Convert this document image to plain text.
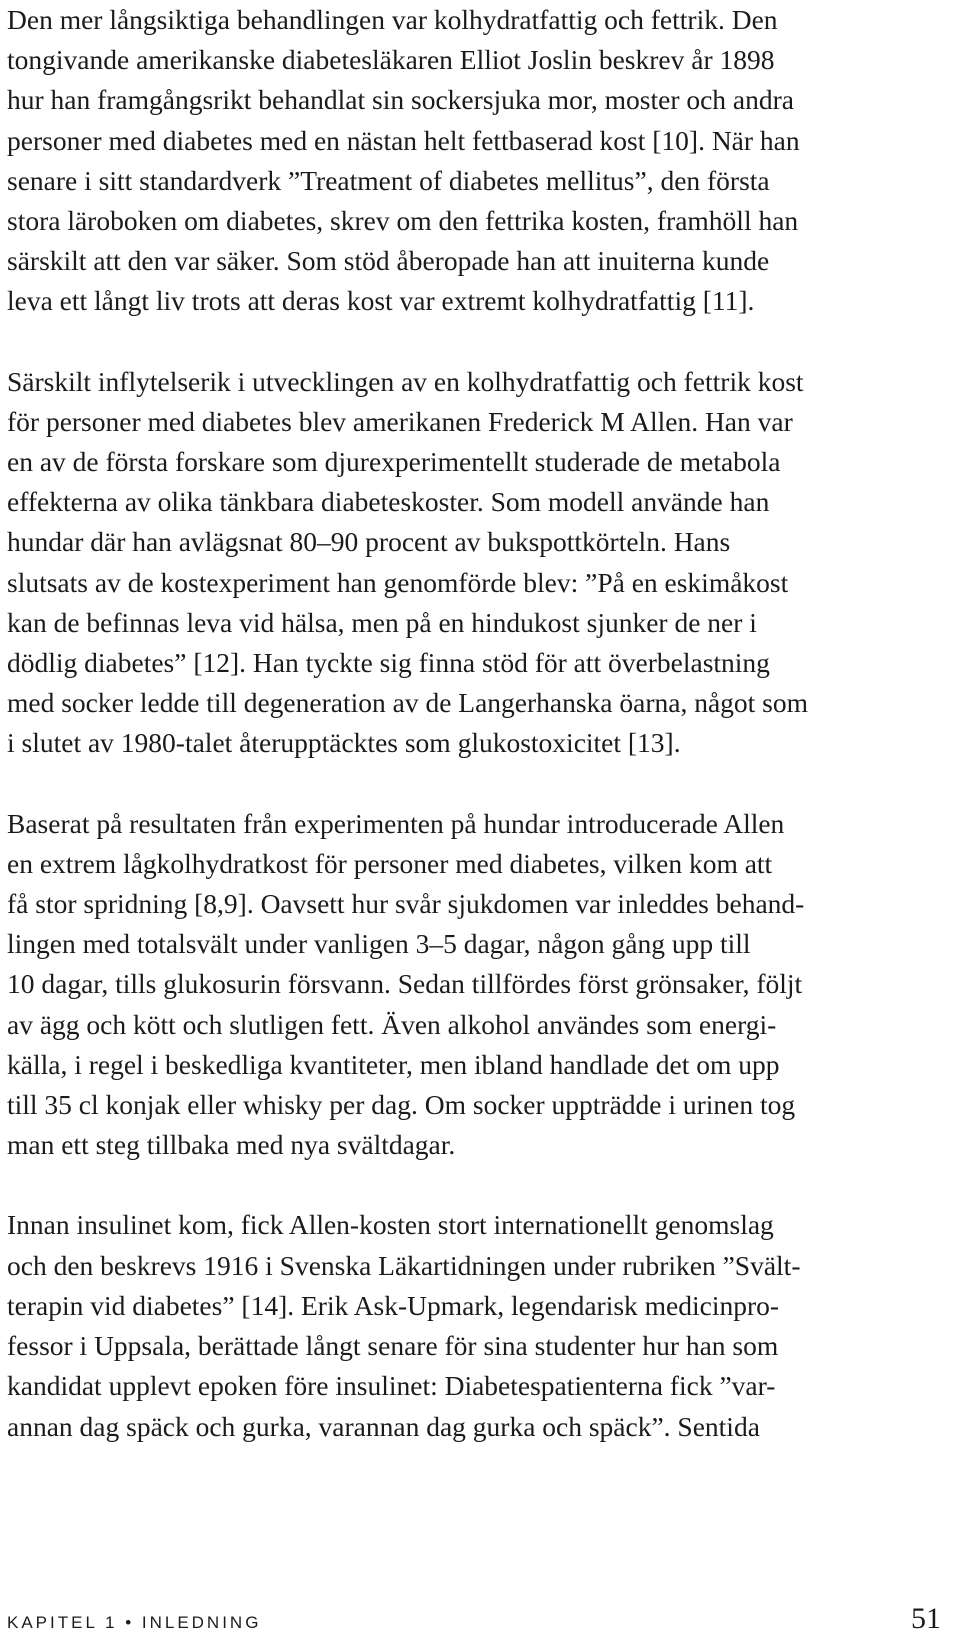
Den mer långsiktiga behandlingen var kolhydratfattig och fettrik. Den
tongivande amerikanske diabetesläkaren Elliot Joslin beskrev år 1898
hur han framgångsrikt behandlat sin sockersjuka mor, moster och andra
personer med diabetes med en nästan helt fettbaserad kost [10]. När han
senare i sitt standardverk ”Treatment of diabetes mellitus”, den första
stora läroboken om diabetes, skrev om den fettrika kosten, framhöll han
särskilt att den var säker. Som stöd åberopade han att inuiterna kunde
leva ett långt liv trots att deras kost var extremt kolhydratfattig [11].

Särskilt inflytelserik i utvecklingen av en kolhydratfattig och fettrik kost
för personer med diabetes blev amerikanen Frederick M Allen. Han var
en av de första forskare som djurexperimentellt studerade de metabola
effekterna av olika tänkbara diabeteskoster. Som modell använde han
hundar där han avlägsnat 80–90 procent av bukspottkörteln. Hans
slutsats av de kostexperiment han genomförde blev: ”På en eskimåkost
kan de befinnas leva vid hälsa, men på en hindukost sjunker de ner i
dödlig diabetes” [12]. Han tyckte sig finna stöd för att överbelastning
med socker ledde till degeneration av de Langerhanska öarna, något som
i slutet av 1980-talet återupptäcktes som glukostoxicitet [13].

Baserat på resultaten från experimenten på hundar introducerade Allen
en extrem lågkolhydratkost för personer med diabetes, vilken kom att
få stor spridning [8,9]. Oavsett hur svår sjukdomen var inleddes behand-
lingen med totalsvält under vanligen 3–5 dagar, någon gång upp till
10 dagar, tills glukosurin försvann. Sedan tillfördes först grönsaker, följt
av ägg och kött och slutligen fett. Även alkohol användes som energi-
källa, i regel i beskedliga kvantiteter, men ibland handlade det om upp
till 35 cl konjak eller whisky per dag. Om socker uppträdde i urinen tog
man ett steg tillbaka med nya svältdagar.

Innan insulinet kom, fick Allen-kosten stort internationellt genomslag
och den beskrevs 1916 i Svenska Läkartidningen under rubriken ”Svält-
terapin vid diabetes” [14]. Erik Ask-Upmark, legendarisk medicinpro-
fessor i Uppsala, berättade långt senare för sina studenter hur han som
kandidat upplevt epoken före insulinet: Diabetespatienterna fick ”var-
annan dag späck och gurka, varannan dag gurka och späck”. Sentida

KAPITEL 1 • INLEDNING	51
